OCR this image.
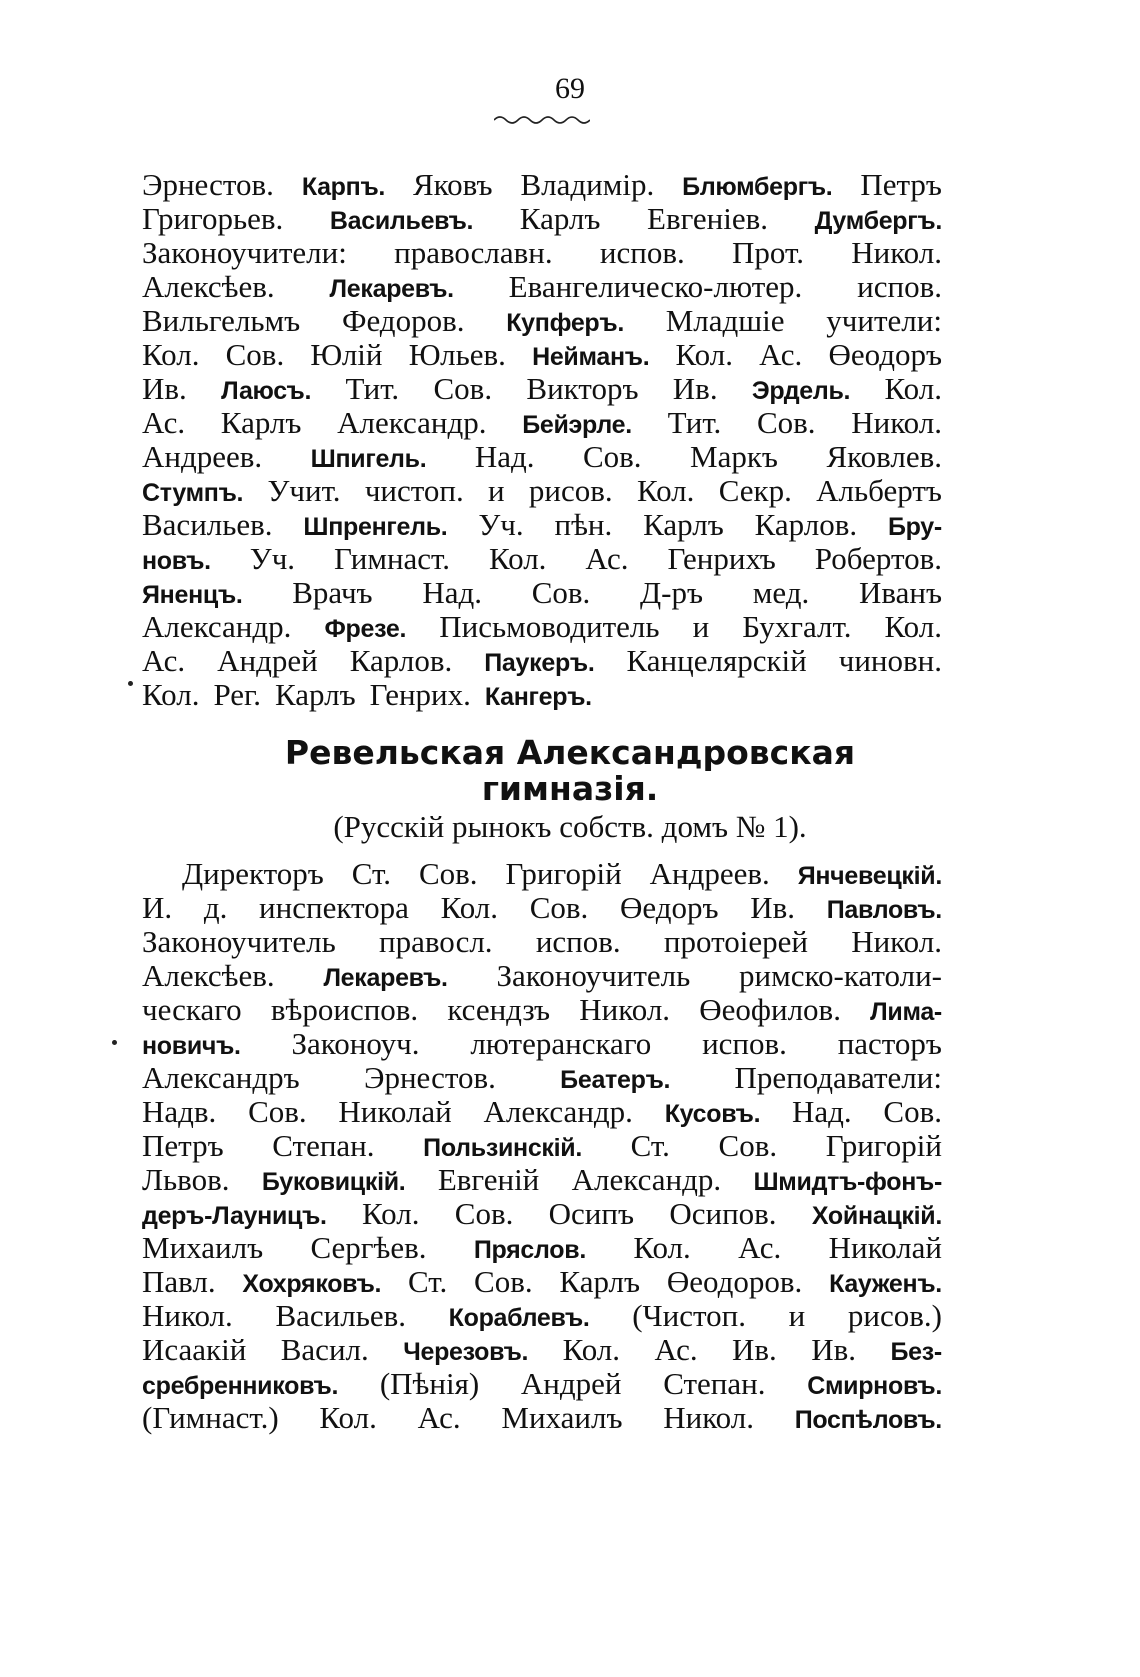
69
Эрнестов. Карпъ. Яковъ Владимір. Блюмбергъ. Петръ
Григорьев. Васильевъ. Карлъ Евгеніев. Думбергъ.
Законоучители: православн. испов. Прот. Никол.
Алексѣев. Лекаревъ. Евангелическо-лютер. испов.
Вильгельмъ Федоров. Купферъ. Младшіе учители:
Кол. Сов. Юлій Юльев. Нейманъ. Кол. Ас. Өеодоръ
Ив. Лаюсъ. Тит. Сов. Викторъ Ив. Эрдель. Кол.
Ас. Карлъ Александр. Бейэрле. Тит. Сов. Никол.
Андреев. Шпигель. Над. Сов. Маркъ Яковлев.
Стумпъ. Учит. чистоп. и рисов. Кол. Секр. Альбертъ
Васильев. Шпренгель. Уч. пѣн. Карлъ Карлов. Бру-
новъ. Уч. Гимнаст. Кол. Ас. Генрихъ Робертов.
Яненцъ. Врачъ Над. Сов. Д-ръ мед. Иванъ
Александр. Фрезе. Письмоводитель и Бухгалт. Кол.
Ас. Андрей Карлов. Паукеръ. Канцелярскій чиновн.
Кол. Рег. Карлъ Генрих. Кангеръ.
Ревельская Александровская
гимназія.
(Русскій рынокъ собств. домъ № 1).
Директоръ Ст. Сов. Григорій Андреев. Янчевецкій.
И. д. инспектора Кол. Сов. Өедоръ Ив. Павловъ.
Законоучитель правосл. испов. протоіерей Никол.
Алексѣев. Лекаревъ. Законоучитель римско-католи-
ческаго вѣроиспов. ксендзъ Никол. Өеофилов. Лима-
новичъ. Законоуч. лютеранскаго испов. пасторъ
Александръ Эрнестов.	Беатеръ. Преподаватели:
Надв. Сов. Николай Александр. Кусовъ. Над. Сов.
Петръ Степан. Пользинскій. Ст. Сов. Григорій
Львов. Буковицкій. Евгеній Александр. Шмидтъ-фонъ-
деръ-Лауницъ. Кол. Сов. Осипъ Осипов. Хойнацкій.
Михаилъ Сергѣев. Пряслов. Кол. Ас. Николай
Павл. Хохряковъ. Ст. Сов. Карлъ Өеодоров. Кауженъ.
Никол. Васильев. Кораблевъ. (Чистоп. и рисов.)
Исаакій Васил. Черезовъ. Кол. Ас. Ив. Ив. Без-
сребренниковъ. (Пѣнія) Андрей Степан. Смирновъ.
(Гимнаст.) Кол. Ас. Михаилъ Никол. Поспѣловъ.
